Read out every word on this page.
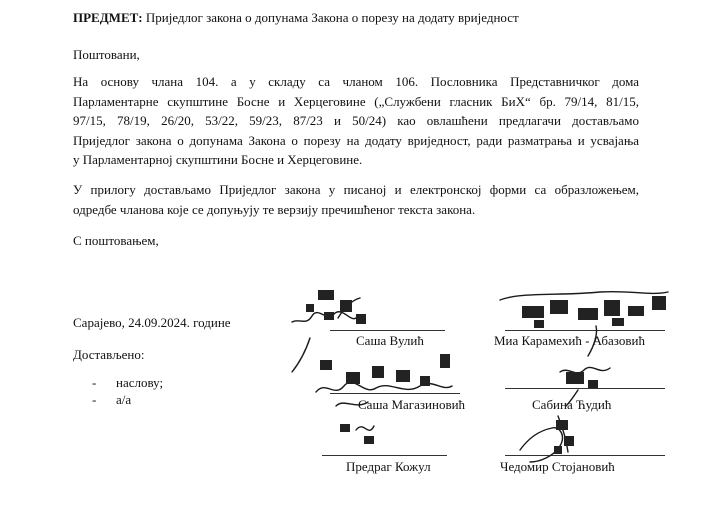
ПРЕДМЕТ: Приједлог закона о допунама Закона о порезу на додату вриједност
Поштовани,
На основу члана 104. а у складу са чланом 106. Пословника Представничког дома
Парламентарне скупштине Босне и Херцеговине („Службени гласник БиХ“ бр. 79/14, 81/15,
97/15, 78/19, 26/20, 53/22, 59/23, 87/23 и 50/24) као овлашћени предлагачи достављамо
Приједлог закона о допунама Закона о порезу на додату вриједност, ради разматрања и усвајања
у Парламентарној скупштини Босне и Херцеговине.
У прилогу достављамо Приједлог закона у писаној и електронској форми са образложењем,
одредбе чланова које се допуњују те верзију пречишћеног текста закона.
С поштовањем,
Сарајево, 24.09.2024. године
Достављено:
- наслову;
- а/а
Саша Вулић	Миа Карамехић - Абазовић
Саша Магазиновић	Сабина Ћудић
Предраг Кожул	Чедомир Стојановић
